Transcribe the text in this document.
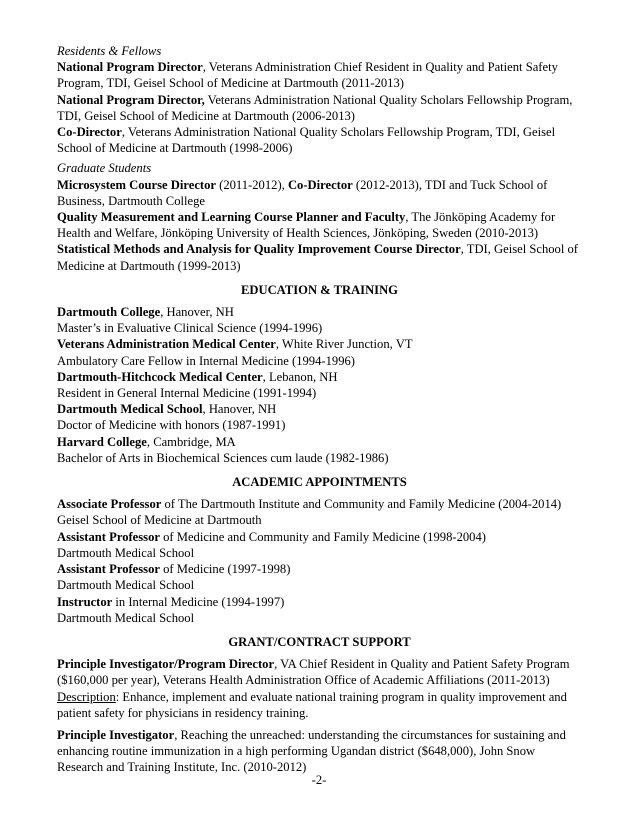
Residents & Fellows
National Program Director, Veterans Administration Chief Resident in Quality and Patient Safety Program, TDI, Geisel School of Medicine at Dartmouth (2011-2013)
National Program Director, Veterans Administration National Quality Scholars Fellowship Program, TDI, Geisel School of Medicine at Dartmouth (2006-2013)
Co-Director, Veterans Administration National Quality Scholars Fellowship Program, TDI, Geisel School of Medicine at Dartmouth (1998-2006)
Graduate Students
Microsystem Course Director (2011-2012), Co-Director (2012-2013), TDI and Tuck School of Business, Dartmouth College
Quality Measurement and Learning Course Planner and Faculty, The Jönköping Academy for Health and Welfare, Jönköping University of Health Sciences, Jönköping, Sweden (2010-2013)
Statistical Methods and Analysis for Quality Improvement Course Director, TDI, Geisel School of Medicine at Dartmouth (1999-2013)
EDUCATION & TRAINING
Dartmouth College, Hanover, NH
Master’s in Evaluative Clinical Science (1994-1996)
Veterans Administration Medical Center, White River Junction, VT
Ambulatory Care Fellow in Internal Medicine (1994-1996)
Dartmouth-Hitchcock Medical Center, Lebanon, NH
Resident in General Internal Medicine (1991-1994)
Dartmouth Medical School, Hanover, NH
Doctor of Medicine with honors (1987-1991)
Harvard College, Cambridge, MA
Bachelor of Arts in Biochemical Sciences cum laude (1982-1986)
ACADEMIC APPOINTMENTS
Associate Professor of The Dartmouth Institute and Community and Family Medicine (2004-2014)
Geisel School of Medicine at Dartmouth
Assistant Professor of Medicine and Community and Family Medicine (1998-2004)
Dartmouth Medical School
Assistant Professor of Medicine (1997-1998)
Dartmouth Medical School
Instructor in Internal Medicine (1994-1997)
Dartmouth Medical School
GRANT/CONTRACT SUPPORT
Principle Investigator/Program Director, VA Chief Resident in Quality and Patient Safety Program ($160,000 per year), Veterans Health Administration Office of Academic Affiliations (2011-2013)
Description: Enhance, implement and evaluate national training program in quality improvement and patient safety for physicians in residency training.
Principle Investigator, Reaching the unreached: understanding the circumstances for sustaining and enhancing routine immunization in a high performing Ugandan district ($648,000), John Snow Research and Training Institute, Inc. (2010-2012)
-2-
